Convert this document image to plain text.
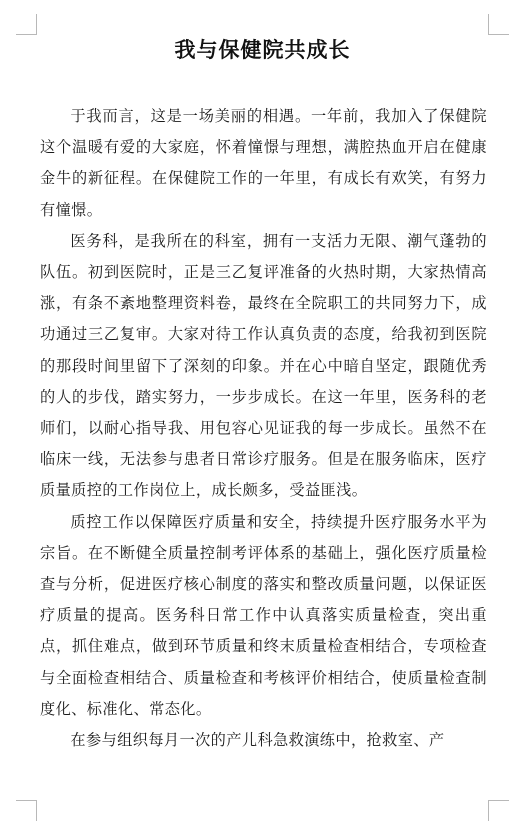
我与保健院共成长

于我而言，这是一场美丽的相遇。一年前，我加入了保健院这个温暖有爱的大家庭，怀着憧憬与理想，满腔热血开启在健康金牛的新征程。在保健院工作的一年里，有成长有欢笑，有努力有憧憬。

医务科，是我所在的科室，拥有一支活力无限、潮气蓬勃的队伍。初到医院时，正是三乙复评准备的火热时期，大家热情高涨，有条不紊地整理资料卷，最终在全院职工的共同努力下，成功通过三乙复审。大家对待工作认真负责的态度，给我初到医院的那段时间里留下了深刻的印象。并在心中暗自坚定，跟随优秀的人的步伐，踏实努力，一步步成长。在这一年里，医务科的老师们，以耐心指导我、用包容心见证我的每一步成长。虽然不在临床一线，无法参与患者日常诊疗服务。但是在服务临床，医疗质量质控的工作岗位上，成长颇多，受益匪浅。

质控工作以保障医疗质量和安全，持续提升医疗服务水平为宗旨。在不断健全质量控制考评体系的基础上，强化医疗质量检查与分析，促进医疗核心制度的落实和整改质量问题，以保证医疗质量的提高。医务科日常工作中认真落实质量检查，突出重点，抓住难点，做到环节质量和终末质量检查相结合，专项检查与全面检查相结合、质量检查和考核评价相结合，使质量检查制度化、标准化、常态化。

在参与组织每月一次的产儿科急救演练中，抢救室、产
